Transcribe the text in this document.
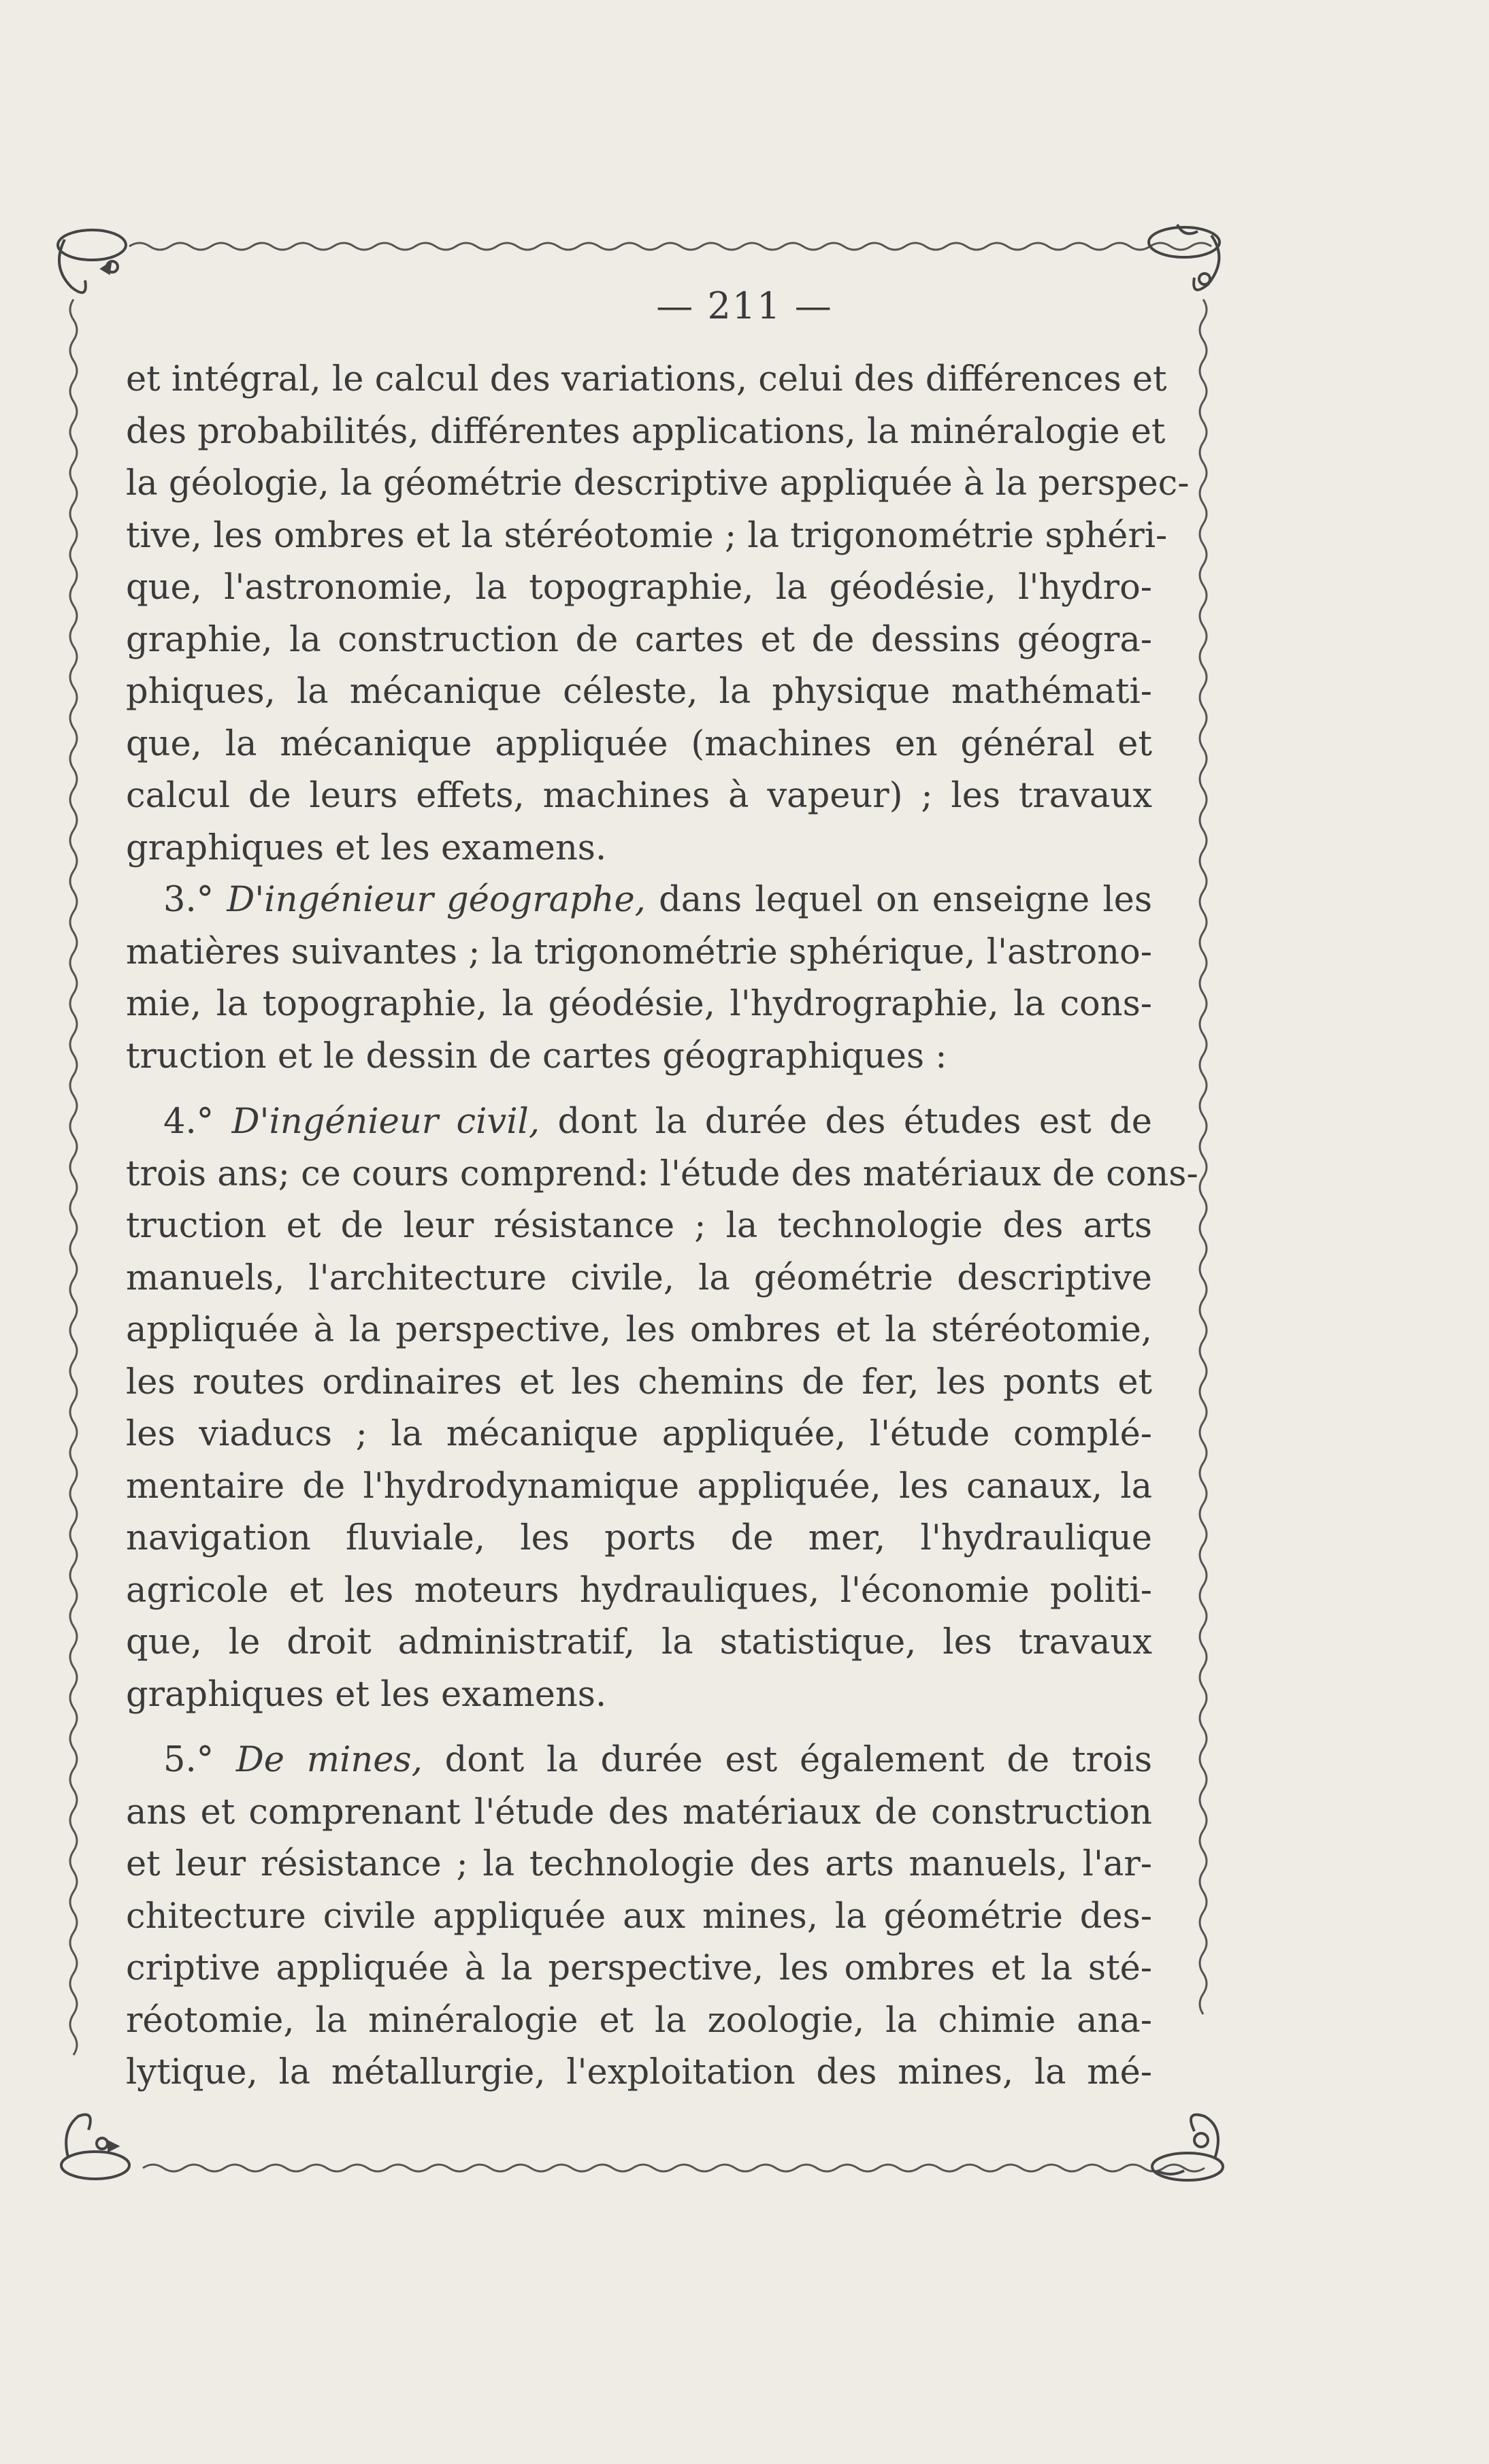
— 211 —
et intégral, le calcul des variations, celui des différences et
des probabilités, différentes applications, la minéralogie et
la géologie, la géométrie descriptive appliquée à la perspec-
tive, les ombres et la stéréotomie ; la trigonométrie sphéri-
que, l'astronomie, la topographie, la géodésie, l'hydro-
graphie, la construction de cartes et de dessins géogra-
phiques, la mécanique céleste, la physique mathémati-
que, la mécanique appliquée (machines en général et
calcul de leurs effets, machines à vapeur) ; les travaux
graphiques et les examens.
3.° D'ingénieur géographe, dans lequel on enseigne les
matières suivantes ; la trigonométrie sphérique, l'astrono-
mie, la topographie, la géodésie, l'hydrographie, la cons-
truction et le dessin de cartes géographiques :
4.° D'ingénieur civil, dont la durée des études est de
trois ans; ce cours comprend: l'étude des matériaux de cons-
truction et de leur résistance ; la technologie des arts
manuels, l'architecture civile, la géométrie descriptive
appliquée à la perspective, les ombres et la stéréotomie,
les routes ordinaires et les chemins de fer, les ponts et
les viaducs ; la mécanique appliquée, l'étude complé-
mentaire de l'hydrodynamique appliquée, les canaux, la
navigation fluviale, les ports de mer, l'hydraulique
agricole et les moteurs hydrauliques, l'économie politi-
que, le droit administratif, la statistique, les travaux
graphiques et les examens.
5.° De mines, dont la durée est également de trois
ans et comprenant l'étude des matériaux de construction
et leur résistance ; la technologie des arts manuels, l'ar-
chitecture civile appliquée aux mines, la géométrie des-
criptive appliquée à la perspective, les ombres et la sté-
réotomie, la minéralogie et la zoologie, la chimie ana-
lytique, la métallurgie, l'exploitation des mines, la mé-
